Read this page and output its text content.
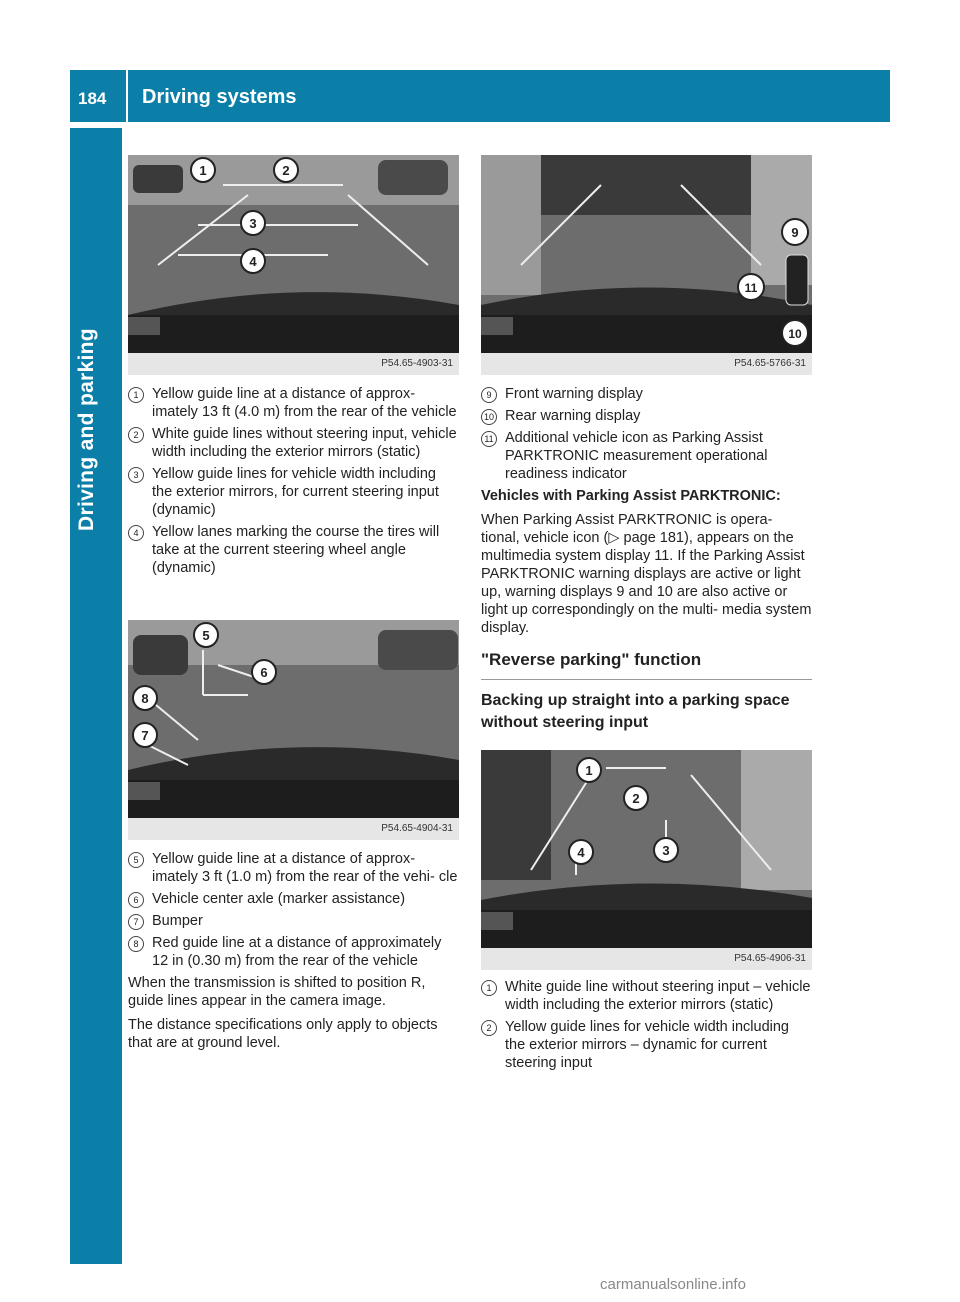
184 Driving systems
Driving and parking
1	2
3
4
P54.65-4903-31
1 Yellow guide line at a distance of approx- imately 13 ft (4.0 m) from the rear of the vehicle
2 White guide lines without steering input, vehicle width including the exterior mirrors (static)
3 Yellow guide lines for vehicle width including the exterior mirrors, for current steering input (dynamic)
4 Yellow lanes marking the course the tires will take at the current steering wheel angle (dynamic)
5
6
8
7
P54.65-4904-31
5 Yellow guide line at a distance of approx- imately 3 ft (1.0 m) from the rear of the vehi- cle
6 Vehicle center axle (marker assistance)
7 Bumper
8 Red guide line at a distance of approximately 12 in (0.30 m) from the rear of the vehicle

When the transmission is shifted to position R, guide lines appear in the camera image.

The distance specifications only apply to objects that are at ground level.

9
11
10
P54.65-5766-31
9 Front warning display
10 Rear warning display
11 Additional vehicle icon as Parking Assist PARKTRONIC measurement operational readiness indicator

Vehicles with Parking Assist PARKTRONIC:

When Parking Assist PARKTRONIC is opera- tional, vehicle icon (▷ page 181), appears on the multimedia system display 11. If the Parking Assist PARKTRONIC warning displays are active or light up, warning displays 9 and 10 are also active or light up correspondingly on the multi- media system display.

"Reverse parking" function
Backing up straight into a parking space without steering input
1
2
4	3
P54.65-4906-31
1 White guide line without steering input – vehicle width including the exterior mirrors (static)
2 Yellow guide lines for vehicle width including the exterior mirrors – dynamic for current steering input
carmanualsonline.info
